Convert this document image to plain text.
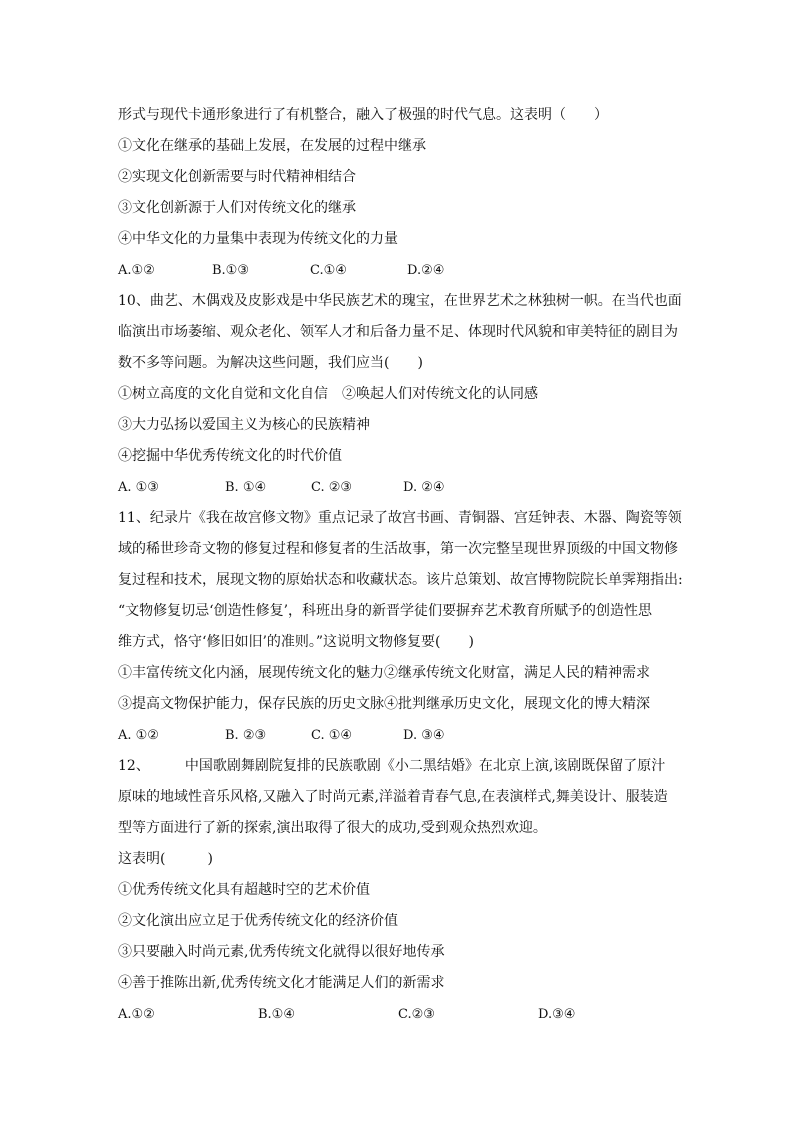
形式与现代卡通形象进行了有机整合，融入了极强的时代气息。这表明（　　）
①文化在继承的基础上发展，在发展的过程中继承
②实现文化创新需要与时代精神相结合
③文化创新源于人们对传统文化的继承
④中华文化的力量集中表现为传统文化的力量
A.①②	B.①③	C.①④	D.②④
10、曲艺、木偶戏及皮影戏是中华民族艺术的瑰宝，在世界艺术之林独树一帜。在当代也面
临演出市场萎缩、观众老化、领军人才和后备力量不足、体现时代风貌和审美特征的剧目为
数不多等问题。为解决这些问题，我们应当(　　)
①树立高度的文化自觉和文化自信　②唤起人们对传统文化的认同感
③大力弘扬以爱国主义为核心的民族精神
④挖掘中华优秀传统文化的时代价值
A. ①③	B. ①④	C. ②③	D. ②④
11、纪录片《我在故宫修文物》重点记录了故宫书画、青铜器、宫廷钟表、木器、陶瓷等领
域的稀世珍奇文物的修复过程和修复者的生活故事，第一次完整呈现世界顶级的中国文物修
复过程和技术，展现文物的原始状态和收藏状态。该片总策划、故宫博物院院长单霁翔指出:
“文物修复切忌‘创造性修复’，科班出身的新晋学徒们要摒弃艺术教育所赋予的创造性思
维方式，恪守‘修旧如旧’的准则。”这说明文物修复要(　　)
①丰富传统文化内涵，展现传统文化的魅力②继承传统文化财富，满足人民的精神需求
③提高文物保护能力，保存民族的历史文脉④批判继承历史文化，展现文化的博大精深
A. ①②	B. ②③	C. ①④	D. ③④
12、　　　中国歌剧舞剧院复排的民族歌剧《小二黑结婚》在北京上演,该剧既保留了原汁
原味的地域性音乐风格,又融入了时尚元素,洋溢着青春气息,在表演样式,舞美设计、服装造
型等方面进行了新的探索,演出取得了很大的成功,受到观众热烈欢迎。
这表明(　　　)
①优秀传统文化具有超越时空的艺术价值
②文化演出应立足于优秀传统文化的经济价值
③只要融入时尚元素,优秀传统文化就得以很好地传承
④善于推陈出新,优秀传统文化才能满足人们的新需求
A.①②	B.①④	C.②③	D.③④
